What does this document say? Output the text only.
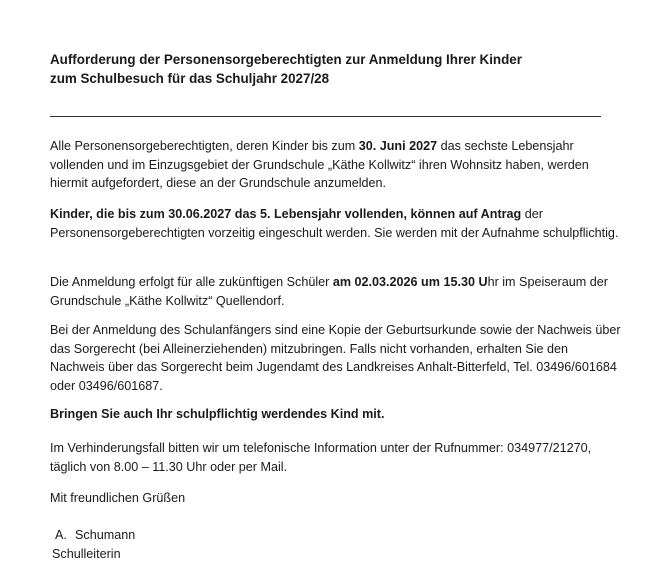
Aufforderung der Personensorgeberechtigten zur Anmeldung Ihrer Kinder
zum Schulbesuch für das Schuljahr 2027/28

Alle Personensorgeberechtigten, deren Kinder bis zum 30. Juni 2027 das sechste Lebensjahr vollenden und im Einzugsgebiet der Grundschule „Käthe Kollwitz“ ihren Wohnsitz haben, werden hiermit aufgefordert, diese an der Grundschule anzumelden.

Kinder, die bis zum 30.06.2027 das 5. Lebensjahr vollenden, können auf Antrag der Personensorgeberechtigten vorzeitig eingeschult werden. Sie werden mit der Aufnahme schulpflichtig.

Die Anmeldung erfolgt für alle zukünftigen Schüler am 02.03.2026 um 15.30 Uhr im Speiseraum der Grundschule „Käthe Kollwitz“ Quellendorf.

Bei der Anmeldung des Schulanfängers sind eine Kopie der Geburtsurkunde sowie der Nachweis über das Sorgerecht (bei Alleinerziehenden) mitzubringen. Falls nicht vorhanden, erhalten Sie den Nachweis über das Sorgerecht beim Jugendamt des Landkreises Anhalt-Bitterfeld, Tel. 03496/601684 oder 03496/601687.

Bringen Sie auch Ihr schulpflichtig werdendes Kind mit.

Im Verhinderungsfall bitten wir um telefonische Information unter der Rufnummer: 034977/21270, täglich von 8.00 – 11.30 Uhr oder per Mail.

Mit freundlichen Grüßen

A. Schumann
Schulleiterin
